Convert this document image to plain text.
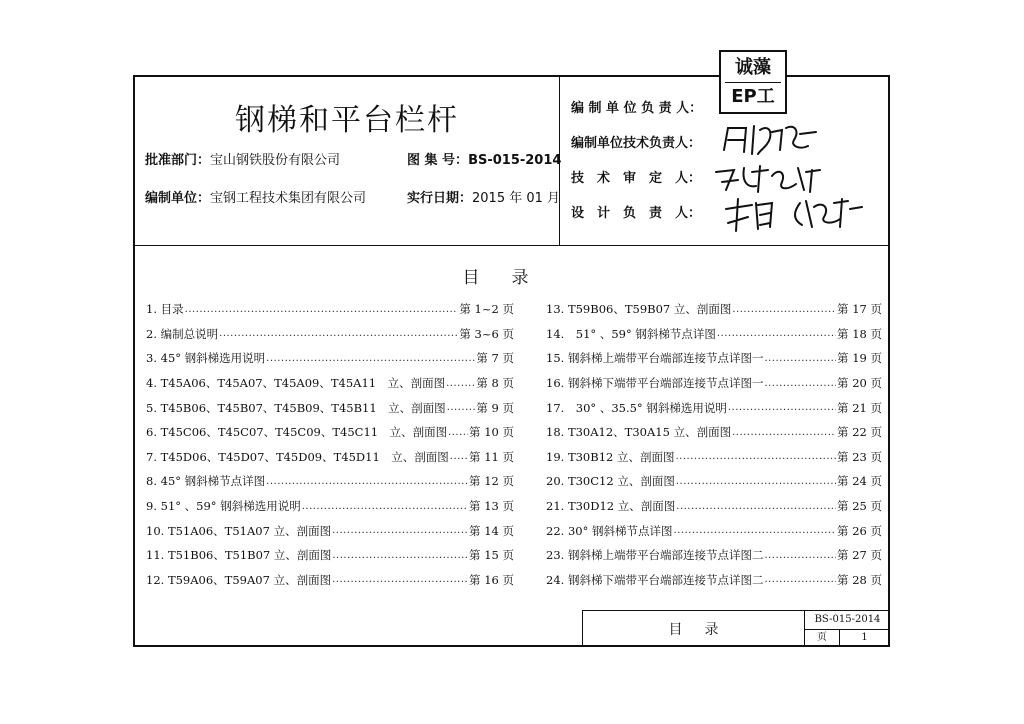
钢梯和平台栏杆
批准部门：宝山钢铁股份有限公司	图 集 号：BS-015-2014
编制单位：宝钢工程技术集团有限公司	实行日期：2015 年 01 月
编 制 单 位 负 责 人：
编制单位技术负责人：
技　术　审　定　人：
设　计　负　责　人：
目录
1. 目录 .....	第 1~2 页
2. 编制总说明 .....	第 3~6 页
3. 45° 钢斜梯选用说明 .....	第 7 页
4. T45A06、T45A07、T45A09、T45A11　立、剖面图 .....	第 8 页
5. T45B06、T45B07、T45B09、T45B11　立、剖面图 .....	第 9 页
6. T45C06、T45C07、T45C09、T45C11　立、剖面图 ..... 第 10 页
7. T45D06、T45D07、T45D09、T45D11　立、剖面图 ..... 第 11 页
8. 45° 钢斜梯节点详图 .....	第 12 页
9. 51° 、59° 钢斜梯选用说明 .....	第 13 页
10. T51A06、T51A07 立、剖面图 .....	第 14 页
11. T51B06、T51B07 立、剖面图 .....	第 15 页
12. T59A06、T59A07 立、剖面图 .....	第 16 页
13. T59B06、T59B07 立、剖面图 .....	第 17 页
14.　51° 、59° 钢斜梯节点详图 .....	第 18 页
15. 钢斜梯上端带平台端部连接节点详图一 .....	第 19 页
16. 钢斜梯下端带平台端部连接节点详图一 .....	第 20 页
17.　30° 、35.5° 钢斜梯选用说明 .....	第 21 页
18. T30A12、T30A15 立、剖面图 .....	第 22 页
19. T30B12 立、剖面图 .....	第 23 页
20. T30C12 立、剖面图 .....	第 24 页
21. T30D12 立、剖面图 .....	第 25 页
22. 30° 钢斜梯节点详图 .....	第 26 页
23. 钢斜梯上端带平台端部连接节点详图二 .....	第 27 页
24. 钢斜梯下端带平台端部连接节点详图二 .....	第 28 页
目录
BS-015-2014
页	1
诚藻
EP工
